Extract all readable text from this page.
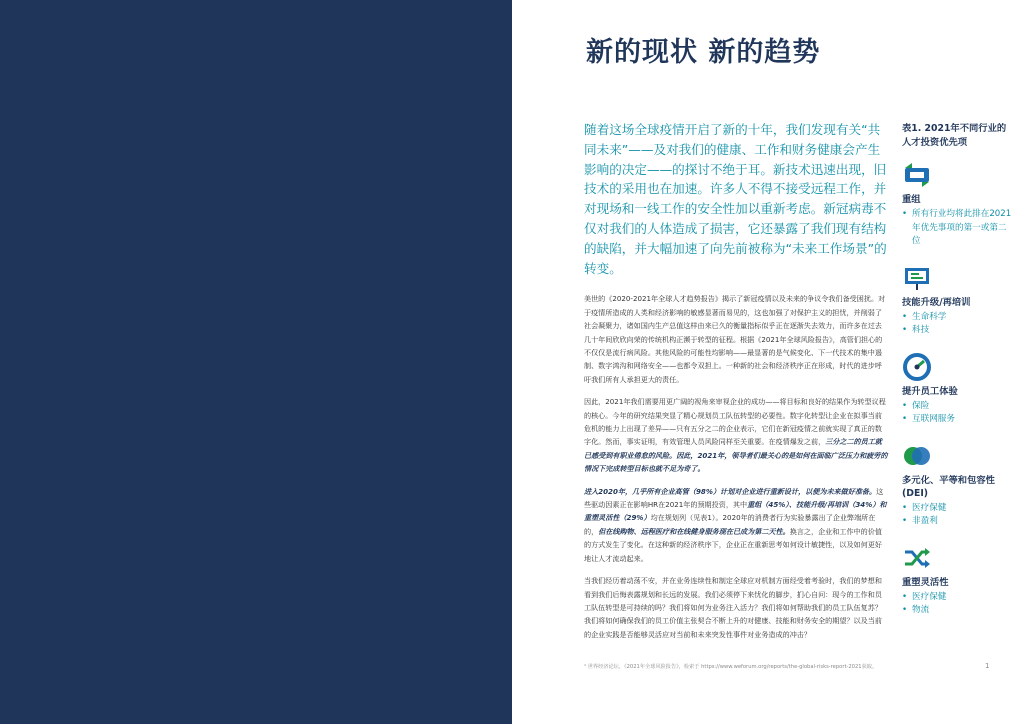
新的现状 新的趋势

随着这场全球疫情开启了新的十年，我们发现有关“共同未来”——及对我们的健康、工作和财务健康会产生影响的决定——的探讨不绝于耳。新技术迅速出现，旧技术的采用也在加速。许多人不得不接受远程工作，并对现场和一线工作的安全性加以重新考虑。新冠病毒不仅对我们的人体造成了损害，它还暴露了我们现有结构的缺陷，并大幅加速了向先前被称为“未来工作场景”的转变。

美世的《2020-2021年全球人才趋势报告》揭示了新冠疫情以及未来的争议令我们备受困扰。对于疫情所造成的人类和经济影响的敏感显著而易见的，这也加强了对保护主义的担忧，并削弱了社会凝聚力，诸如国内生产总值这样由来已久的衡量指标似乎正在逐渐失去效力，而许多在过去几十年间欣欣向荣的传统机构正濒于转型的征程。根据《2021年全球风险报告》，高管们担心的不仅仅是流行病风险。其他风险的可能性均影响——最显著的是气候变化、下一代技术的集中遏制、数字鸿沟和网络安全——也都令双担上。一种新的社会和经济秩序正在形成，时代的进步呼吁我们所有人承担更大的责任。

因此，2021年我们需要用更广阔的视角来审视企业的成功——将目标和良好的结果作为转型议程的核心。今年的研究结果突显了精心规划员工队伍转型的必要性。数字化转型让企业在拟事当前危机的能力上出现了差异——只有五分之二的企业表示，它们在新冠疫情之前就实现了真正的数字化。然而，事实证明，有效管理人员风险同样至关重要。在疫情爆发之前，三分之二的员工就已感受到有职业倦怠的风险。因此，2021年，领导者们最关心的是如何在面临广泛压力和疲劳的情况下完成转型目标也就不足为奇了。

进入2020年，几乎所有企业高管（98%）计划对企业进行重新设计，以便为未来做好准备。这些驱动因素正在影响HR在2021年的预期投资，其中重组（45%）、技能升级/再培训（34%）和重塑灵活性（29%）均在规划列（见表1）。2020年的消费者行为实验暴露出了企业弊端所在的，但在线购物、远程医疗和在线健身服务现在已成为第二天性。换言之，企业和工作中的价值的方式发生了变化。在这种新的经济秩序下，企业正在重新思考如何设计敏捷性，以及如何更好地让人才流动起来。

当我们经历着动荡不安，并在业务连续性和制定全球应对机制方面经受着考验时，我们的梦想和看到我们后悔表露规划和长远的发展。我们必须停下来忧化的脚步，扪心自问：现今的工作和员工队伍转型是可持续的吗？我们将如何为业务注入活力？我们将如何帮助我们的员工队伍复苏？我们将如何确保我们的员工价值主张契合不断上升的对健康、技能和财务安全的期望？以及当前的企业实践是否能够灵活应对当前和未来突发性事件对业务造成的冲击？

表1. 2021年不同行业的人才投资优先项

重组
• 所有行业均将此排在2021年优先事项的第一或第二位
技能升级/再培训
• 生命科学
• 科技
提升员工体验
• 保险
• 互联网服务
多元化、平等和包容性(DEI)
• 医疗保健
• 非盈利
重塑灵活性
• 医疗保健
• 物流
¹ 世界经济论坛，《2021年全球风险报告》，检索于 https://www.weforum.org/reports/the-global-risks-report-2021获取。	1
